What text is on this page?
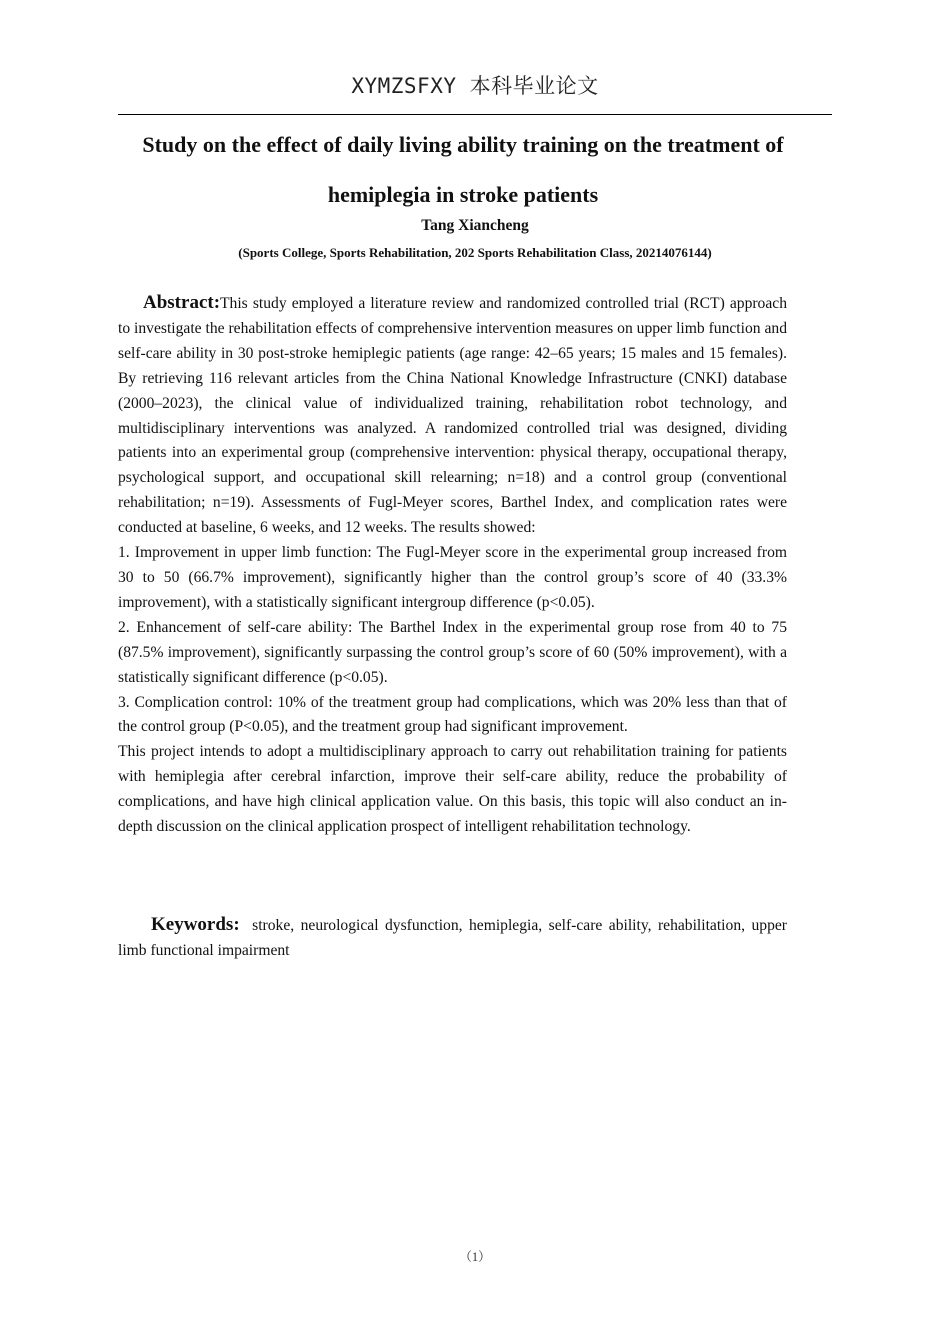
XYMZSFXY 本科毕业论文
Study on the effect of daily living ability training on the treatment of hemiplegia in stroke patients
Tang Xiancheng
(Sports College, Sports Rehabilitation, 202 Sports Rehabilitation Class, 20214076144)

Abstract:This study employed a literature review and randomized controlled trial (RCT) approach to investigate the rehabilitation effects of comprehensive intervention measures on upper limb function and self-care ability in 30 post-stroke hemiplegic patients (age range: 42–65 years; 15 males and 15 females). By retrieving 116 relevant articles from the China National Knowledge Infrastructure (CNKI) database (2000–2023), the clinical value of individualized training, rehabilitation robot technology, and multidisciplinary interventions was analyzed. A randomized controlled trial was designed, dividing patients into an experimental group (comprehensive intervention: physical therapy, occupational therapy, psychological support, and occupational skill relearning; n=18) and a control group (conventional rehabilitation; n=19). Assessments of Fugl-Meyer scores, Barthel Index, and complication rates were conducted at baseline, 6 weeks, and 12 weeks. The results showed:

1. Improvement in upper limb function: The Fugl-Meyer score in the experimental group increased from 30 to 50 (66.7% improvement), significantly higher than the control group’s score of 40 (33.3% improvement), with a statistically significant intergroup difference (p<0.05).

2. Enhancement of self-care ability: The Barthel Index in the experimental group rose from 40 to 75 (87.5% improvement), significantly surpassing the control group’s score of 60 (50% improvement), with a statistically significant difference (p<0.05).

3. Complication control: 10% of the treatment group had complications, which was 20% less than that of the control group (P<0.05), and the treatment group had significant improvement.

This project intends to adopt a multidisciplinary approach to carry out rehabilitation training for patients with hemiplegia after cerebral infarction, improve their self-care ability, reduce the probability of complications, and have high clinical application value. On this basis, this topic will also conduct an in-depth discussion on the clinical application prospect of intelligent rehabilitation technology.

Keywords: stroke, neurological dysfunction, hemiplegia, self-care ability, rehabilitation, upper limb functional impairment

（1）
